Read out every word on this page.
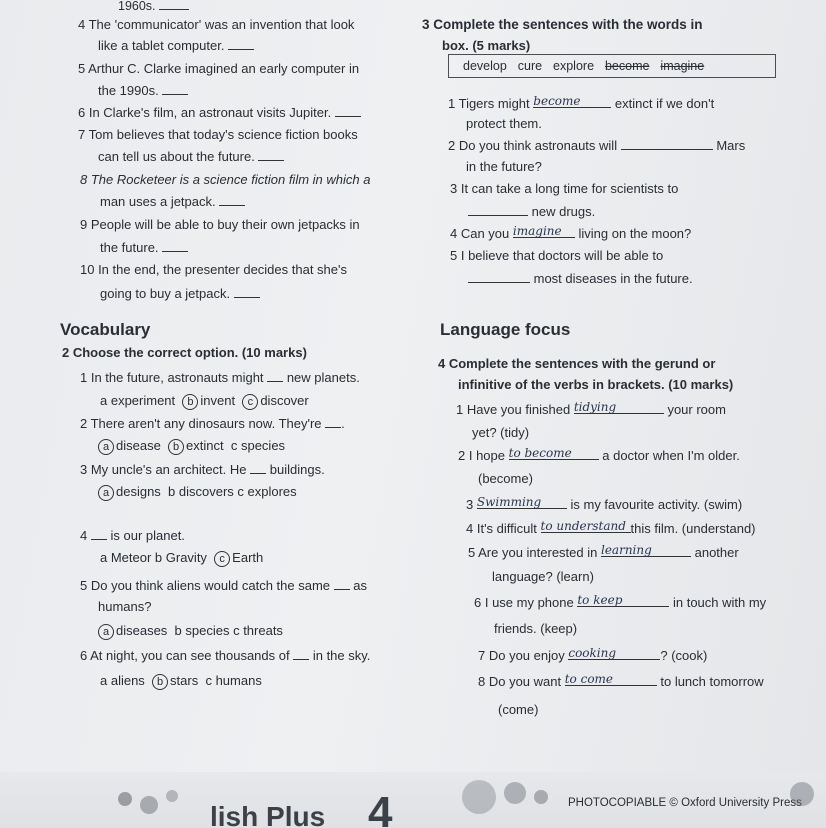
1960s.
4 The 'communicator' was an invention that look
like a tablet computer.
5 Arthur C. Clarke imagined an early computer in
the 1990s.
6 In Clarke's film, an astronaut visits Jupiter.
7 Tom believes that today's science fiction books
can tell us about the future.
8 The Rocketeer is a science fiction film in which a
man uses a jetpack.
9 People will be able to buy their own jetpacks in
the future.
10 In the end, the presenter decides that she's
going to buy a jetpack.
3 Complete the sentences with the words in
box. (5 marks)
develop cure explore become imagine
1 Tigers might become	extinct if we don't
protect them.
2 Do you think astronauts will	Mars
in the future?
3 It can take a long time for scientists to
new drugs.
4 Can you imagine living on the moon?
5 I believe that doctors will be able to
most diseases in the future.
Vocabulary
2 Choose the correct option. (10 marks)
1 In the future, astronauts might new planets.
a experiment b invent c discover
2 There aren't any dinosaurs now. They're .
a disease b extinct c species
3 My uncle's an architect. He buildings.
a designs b discovers c explores
4 is our planet.
a Meteor b Gravity c Earth
5 Do you think aliens would catch the same as
humans?
a diseases b species c threats
6 At night, you can see thousands of in the sky.
a aliens b stars c humans
Language focus
4 Complete the sentences with the gerund or
infinitive of the verbs in brackets. (10 marks)
1 Have you finished tidying	your room
yet? (tidy)
2 I hope to become a doctor when I'm older.
(become)
3 Swimming is my favourite activity. (swim)
4 It's difficult to understand this film. (understand)
5 Are you interested in learning	another
language? (learn)
6 I use my phone to keep	in touch with my
friends. (keep)
7 Do you enjoy cooking	? (cook)
8 Do you want to come	to lunch tomorrow
(come)
lish Plus 4	PHOTOCOPIABLE © Oxford University Press
